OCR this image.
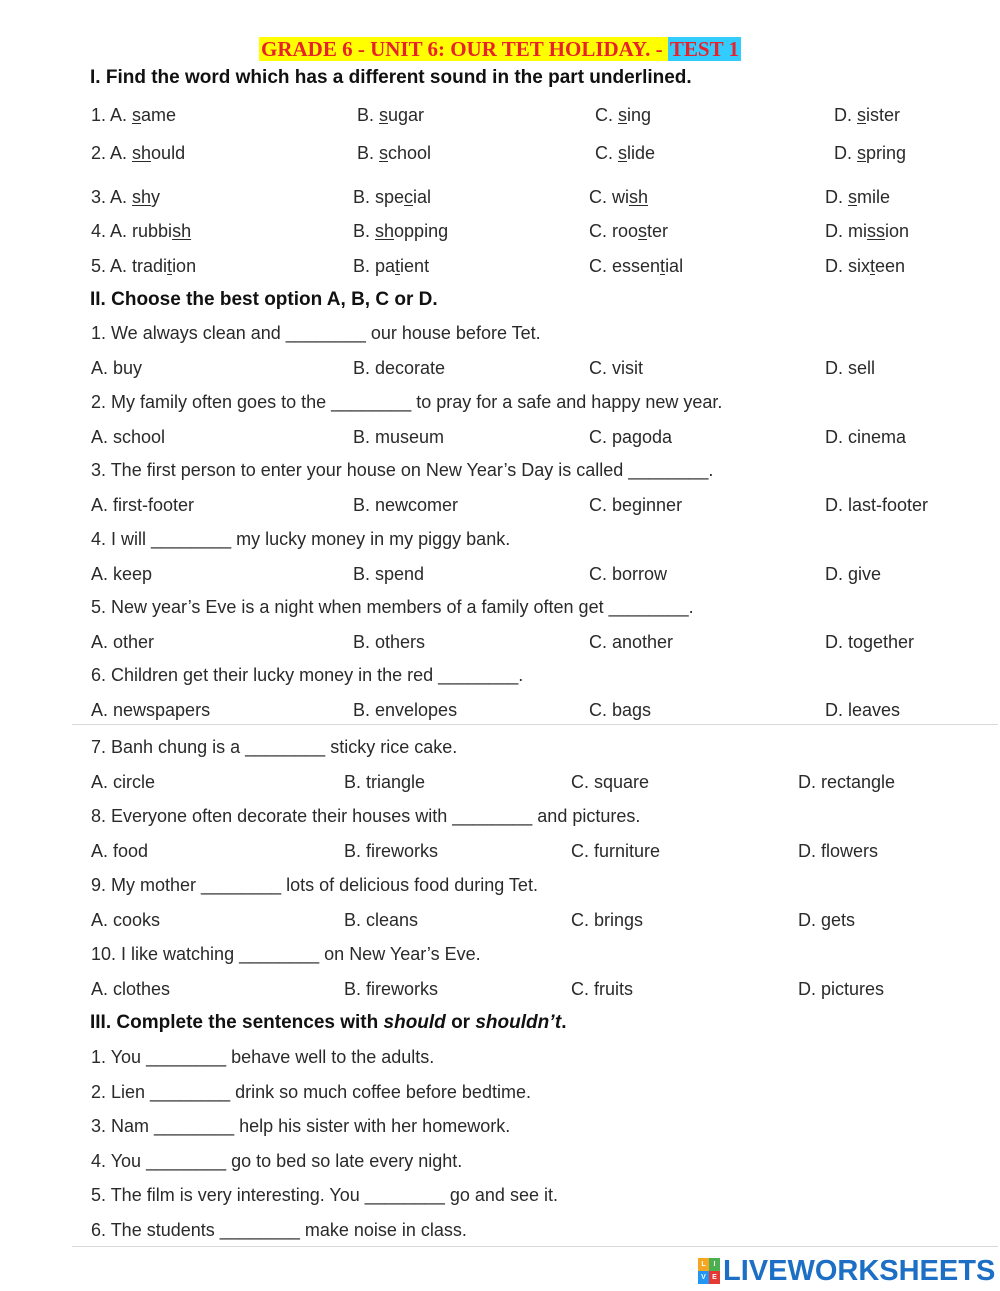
GRADE 6 - UNIT 6: OUR TET HOLIDAY. - TEST 1
I. Find the word which has a different sound in the part underlined.
1. A. same	B. sugar	C. sing	D. sister
2. A. should	B. school	C. slide	D. spring
3. A. shy	B. special	C. wish	D. smile
4. A. rubbish	B. shopping	C. rooster	D. mission
5. A. tradition	B. patient	C. essential	D. sixteen
II. Choose the best option A, B, C or D.
1. We always clean and ________ our house before Tet.
A. buy	B. decorate	C. visit	D. sell
2. My family often goes to the ________ to pray for a safe and happy new year.
A. school	B. museum	C. pagoda	D. cinema
3. The first person to enter your house on New Year’s Day is called ________.
A. first-footer	B. newcomer	C. beginner	D. last-footer
4. I will ________ my lucky money in my piggy bank.
A. keep	B. spend	C. borrow	D. give
5. New year’s Eve is a night when members of a family often get ________.
A. other	B. others	C. another	D. together
6. Children get their lucky money in the red ________.
A. newspapers	B. envelopes	C. bags	D. leaves
7. Banh chung is a ________ sticky rice cake.
A. circle	B. triangle	C. square	D. rectangle
8. Everyone often decorate their houses with ________ and pictures.
A. food	B. fireworks	C. furniture	D. flowers
9. My mother ________ lots of delicious food during Tet.
A. cooks	B. cleans	C. brings	D. gets
10. I like watching ________ on New Year’s Eve.
A. clothes	B. fireworks	C. fruits	D. pictures
III. Complete the sentences with should or shouldn’t.
1. You ________ behave well to the adults.
2. Lien ________ drink so much coffee before bedtime.
3. Nam ________ help his sister with her homework.
4. You ________ go to bed so late every night.
5. The film is very interesting. You ________ go and see it.
6. The students ________ make noise in class.
L	I
V E LIVEWORKSHEETS
